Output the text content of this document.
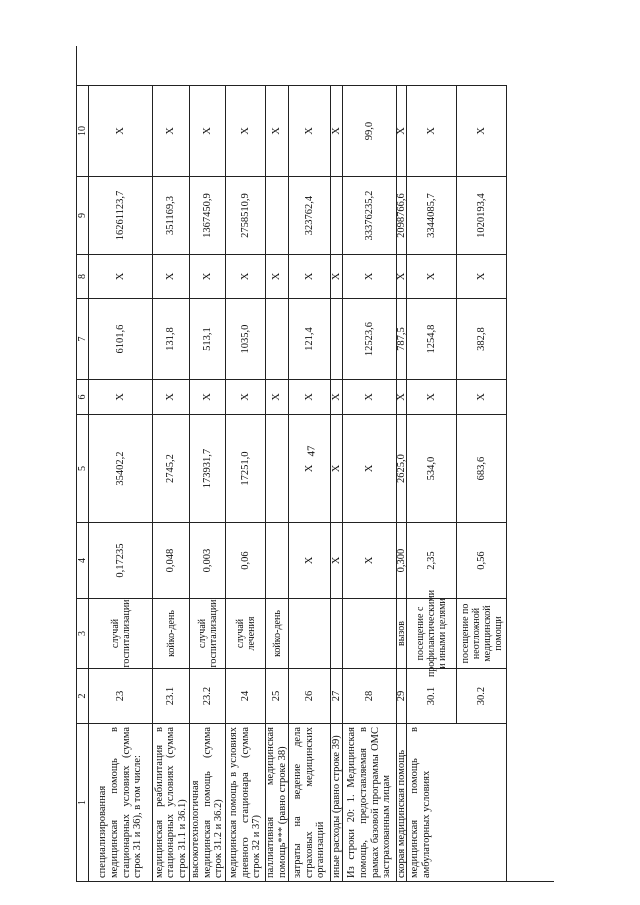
47
1
2
3
4
5
6
7
8
9
10
специализированная медицинская помощь в стационарных условиях (сумма строк 31 и 36), в том числе:
23
случай госпитализации
0,17235
35402,2
X
6101,6
X
16261123,7
X
медицинская реабилитация в стационарных условиях (сумма строк 31.1 и 36.1)
23.1
койко-день
0,048
2745,2
X
131,8
X
351169,3
X
высокотехнологичная медицинская помощь (сумма строк 31.2 и 36.2)
23.2
случай госпитализации
0,003
173931,7
X
513,1
X
1367450,9
X
медицинская помощь в условиях дневного стационара (сумма строк 32 и 37)
24
случай лечения
0,06
17251,0
X
1035,0
X
2758510,9
X
паллиативная медицинская помощь*** (равно строке 38)
25
койко-день
X
X
X
затраты на ведение дела страховых медицинских организаций
26
X
X
X
121,4
X
323762,4
X
иные расходы (равно строке 39)
27
X
X
X
X
X
Из строки 20: 1. Медицинская помощь, предоставляемая в рамках базовой программы ОМС застрахованным лицам
28
X
X
X
12523,6
X
33376235,2
99,0
скорая медицинская помощь
29
вызов
0,300
2625,0
X
787,5
X
2098766,6
X
медицинская помощь в амбулаторных условиях
30.1
посещение с профилактическими и иными целями
2,35
534,0
X
1254,8
X
3344085,7
X
30.2
посещение по неотложной медицинской помощи
0,56
683,6
X
382,8
X
1020193,4
X
